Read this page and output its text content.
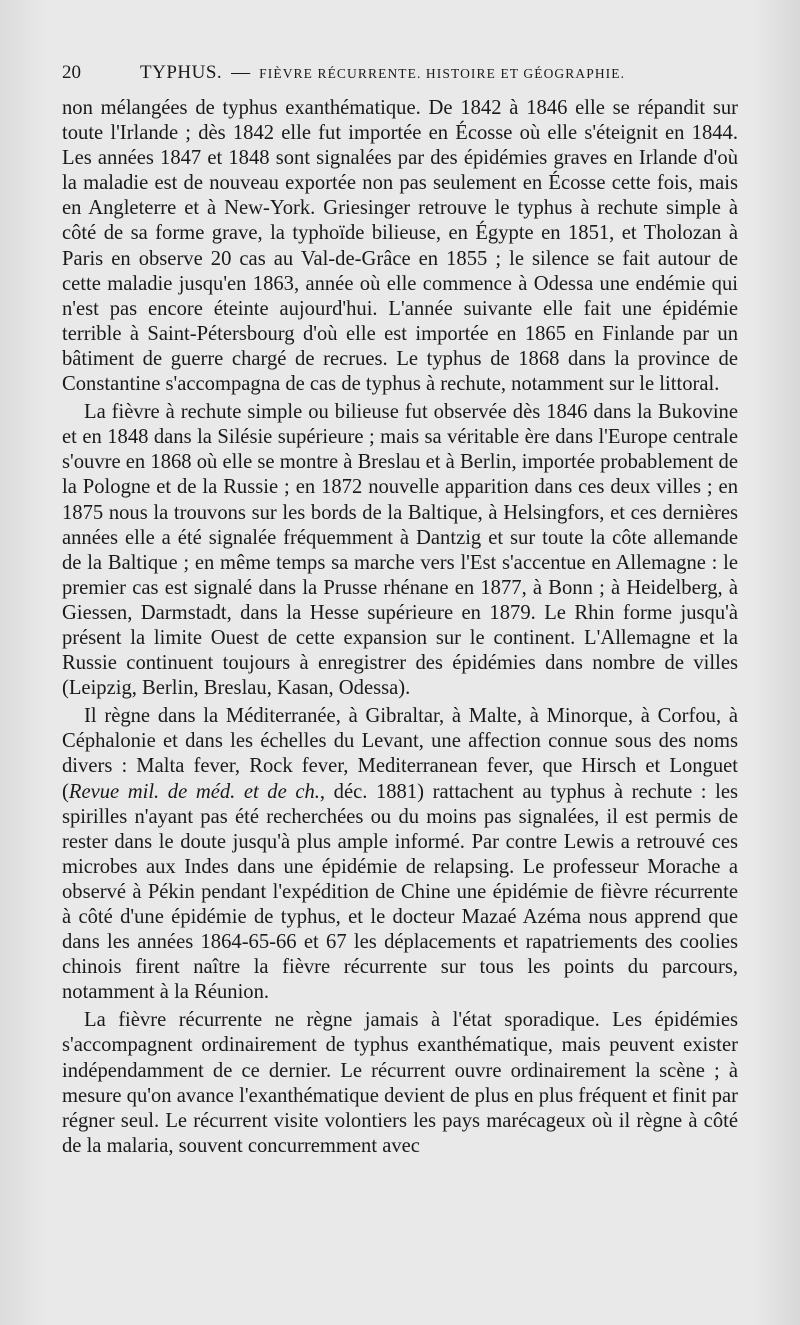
20	TYPHUS. — FIÈVRE RÉCURRENTE. HISTOIRE ET GÉOGRAPHIE.

non mélangées de typhus exanthématique. De 1842 à 1846 elle se répandit sur toute l'Irlande ; dès 1842 elle fut importée en Écosse où elle s'éteignit en 1844. Les années 1847 et 1848 sont signalées par des épidémies graves en Irlande d'où la maladie est de nouveau exportée non pas seulement en Écosse cette fois, mais en Angleterre et à New-York. Griesinger retrouve le typhus à rechute simple à côté de sa forme grave, la typhoïde bilieuse, en Égypte en 1851, et Tholozan à Paris en observe 20 cas au Val-de-Grâce en 1855 ; le silence se fait autour de cette maladie jusqu'en 1863, année où elle commence à Odessa une endémie qui n'est pas encore éteinte aujourd'hui. L'année suivante elle fait une épidémie terrible à Saint-Pétersbourg d'où elle est importée en 1865 en Finlande par un bâtiment de guerre chargé de recrues. Le typhus de 1868 dans la province de Constantine s'accompagna de cas de typhus à rechute, notamment sur le littoral.

La fièvre à rechute simple ou bilieuse fut observée dès 1846 dans la Bukovine et en 1848 dans la Silésie supérieure ; mais sa véritable ère dans l'Europe centrale s'ouvre en 1868 où elle se montre à Breslau et à Berlin, importée probablement de la Pologne et de la Russie ; en 1872 nouvelle apparition dans ces deux villes ; en 1875 nous la trouvons sur les bords de la Baltique, à Helsingfors, et ces dernières années elle a été signalée fréquemment à Dantzig et sur toute la côte allemande de la Baltique ; en même temps sa marche vers l'Est s'accentue en Allemagne : le premier cas est signalé dans la Prusse rhénane en 1877, à Bonn ; à Heidelberg, à Giessen, Darmstadt, dans la Hesse supérieure en 1879. Le Rhin forme jusqu'à présent la limite Ouest de cette expansion sur le continent. L'Allemagne et la Russie continuent toujours à enregistrer des épidémies dans nombre de villes (Leipzig, Berlin, Breslau, Kasan, Odessa).

Il règne dans la Méditerranée, à Gibraltar, à Malte, à Minorque, à Corfou, à Céphalonie et dans les échelles du Levant, une affection connue sous des noms divers : Malta fever, Rock fever, Mediterranean fever, que Hirsch et Longuet (Revue mil. de méd. et de ch., déc. 1881) rattachent au typhus à rechute : les spirilles n'ayant pas été recherchées ou du moins pas signalées, il est permis de rester dans le doute jusqu'à plus ample informé. Par contre Lewis a retrouvé ces microbes aux Indes dans une épidémie de relapsing. Le professeur Morache a observé à Pékin pendant l'expédition de Chine une épidémie de fièvre récurrente à côté d'une épidémie de typhus, et le docteur Mazaé Azéma nous apprend que dans les années 1864-65-66 et 67 les déplacements et rapatriements des coolies chinois firent naître la fièvre récurrente sur tous les points du parcours, notamment à la Réunion.

La fièvre récurrente ne règne jamais à l'état sporadique. Les épidémies s'accompagnent ordinairement de typhus exanthématique, mais peuvent exister indépendamment de ce dernier. Le récurrent ouvre ordinairement la scène ; à mesure qu'on avance l'exanthématique devient de plus en plus fréquent et finit par régner seul. Le récurrent visite volontiers les pays marécageux où il règne à côté de la malaria, souvent concurremment avec
